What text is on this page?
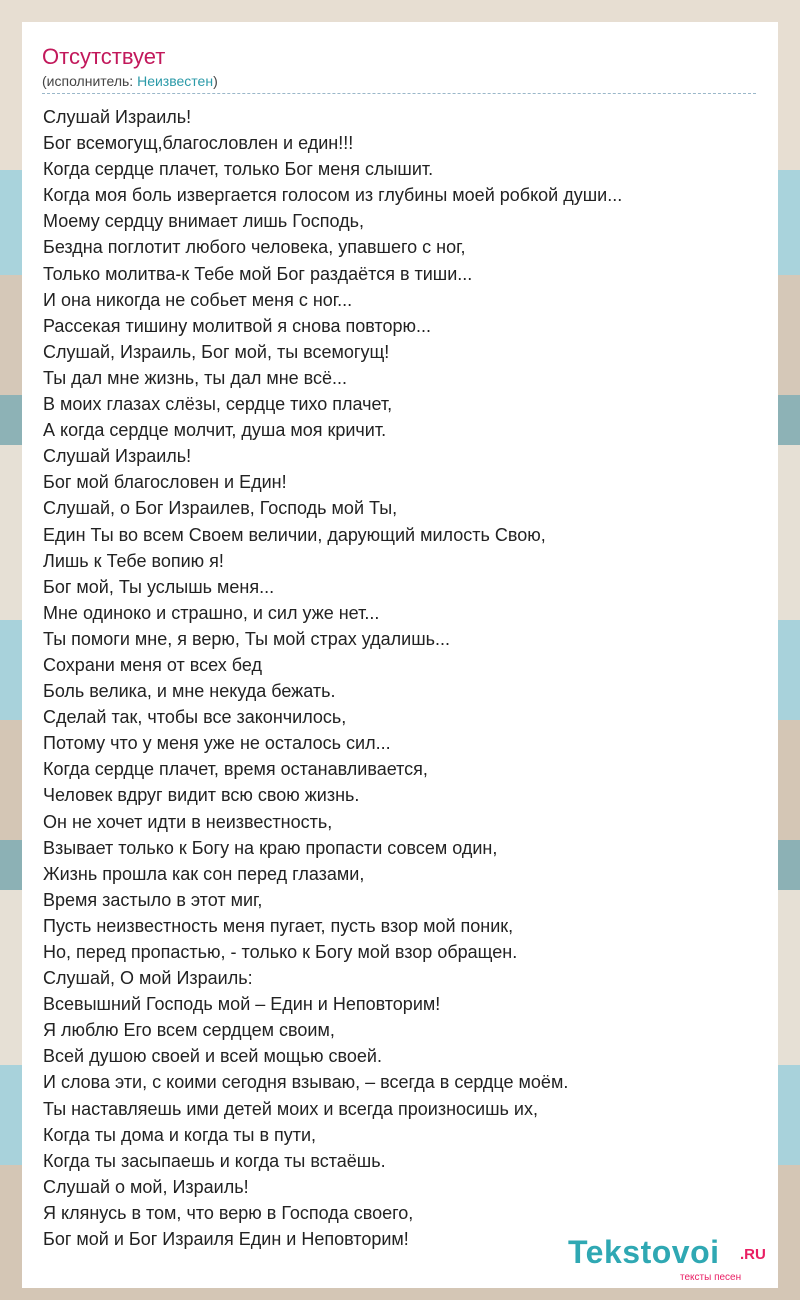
Отсутствует
(исполнитель: Неизвестен)
Слушай Израиль!
Бог всемогущ,благословлен и един!!!
Когда сердце плачет, только Бог меня слышит.
Когда моя боль извергается голосом из глубины моей робкой души...
Моему сердцу внимает лишь Господь,
Бездна поглотит любого человека, упавшего с ног,
Только молитва-к Тебе мой Бог раздаётся в тиши...
И она никогда не собьет меня с ног...
Рассекая тишину молитвой я снова повторю...
Слушай, Израиль, Бог мой, ты всемогущ!
Ты дал мне жизнь, ты дал мне всё...
В моих глазах слёзы, сердце тихо плачет,
А когда сердце молчит, душа моя кричит.
Слушай Израиль!
Бог мой благословен и Един!
Слушай, о Бог Израилев, Господь мой Ты,
Един Ты во всем Своем величии, дарующий милость Свою,
Лишь к Тебе вопию я!
Бог мой, Ты услышь меня...
Мне одиноко и страшно, и сил уже нет...
Ты помоги мне, я верю, Ты мой страх удалишь...
Сохрани меня от всех бед
Боль велика, и мне некуда бежать.
Сделай так, чтобы все закончилось,
Потому что у меня уже не осталось сил...
Когда сердце плачет, время останавливается,
Человек вдруг видит всю свою жизнь.
Он не хочет идти в неизвестность,
Взывает только к Богу на краю пропасти совсем один,
Жизнь прошла как сон перед глазами,
Время застыло в этот миг,
Пусть неизвестность меня пугает, пусть взор мой поник,
Но, перед пропастью, - только к Богу мой взор обращен.
Слушай, О мой Израиль:
Всевышний Господь мой – Един и Неповторим!
Я люблю Его всем сердцем своим,
Всей душою своей и всей мощью своей.
И слова эти, с коими сегодня взываю, – всегда в сердце моём.
Ты наставляешь ими детей моих и всегда произносишь их,
Когда ты дома и когда ты в пути,
Когда ты засыпаешь и когда ты встаёшь.
Слушай о мой, Израиль!
Я клянусь в том, что верю в Господа своего,
Бог мой и Бог Израиля Един и Неповторим!	Tekstovoi .RU
тексты песен
